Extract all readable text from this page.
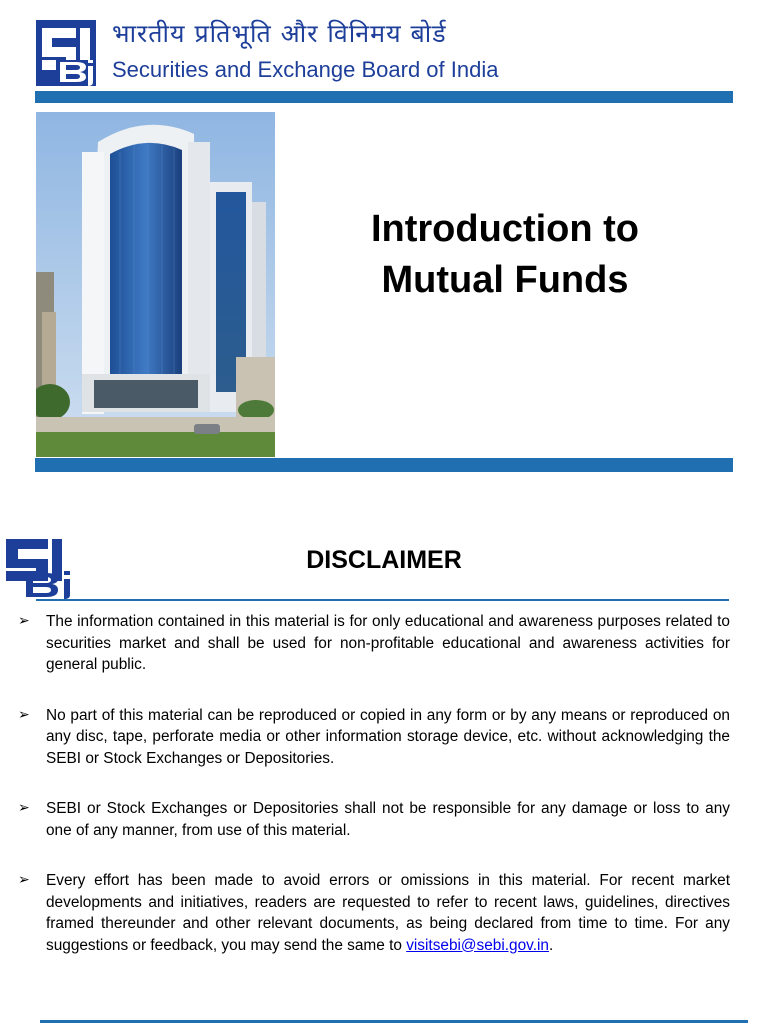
भारतीय प्रतिभूति और विनिमय बोर्ड

Securities and Exchange Board of India

Introduction to
Mutual Funds
DISCLAIMER
➢ The information contained in this material is for only educational and awareness purposes related to securities market and shall be used for non-profitable educational and awareness activities for general public.
➢ No part of this material can be reproduced or copied in any form or by any means or reproduced on any disc, tape, perforate media or other information storage device, etc. without acknowledging the SEBI or Stock Exchanges or Depositories.
➢ SEBI or Stock Exchanges or Depositories shall not be responsible for any damage or loss to any one of any manner, from use of this material.
➢ Every effort has been made to avoid errors or omissions in this material. For recent market developments and initiatives, readers are requested to refer to recent laws, guidelines, directives framed thereunder and other relevant documents, as being declared from time to time. For any suggestions or feedback, you may send the same to visitsebi@sebi.gov.in.
